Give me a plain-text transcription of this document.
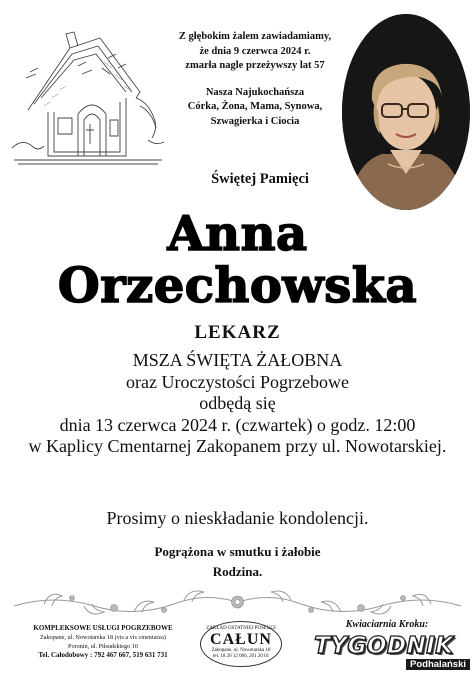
Z głębokim żalem zawiadamiamy,

że dnia 9 czerwca 2024 r.

zmarła nagle przeżywszy lat 57

Nasza Najukochańsza

Córka, Żona, Mama, Synowa,

Szwagierka i Ciocia

Świętej Pamięci
Anna
Orzechowska
LEKARZ

MSZA ŚWIĘTA ŻAŁOBNA

oraz Uroczystości Pogrzebowe

odbędą się

dnia 13 czerwca 2024 r. (czwartek) o godz. 12:00

w Kaplicy Cmentarnej Zakopanem przy ul. Nowotarskiej.

Prosimy o nieskładanie kondolencji.

Pogrążona w smutku i żałobie

Rodzina.

KOMPLEKSOWE USŁUGI POGRZEBOWE

Zakopane, ul. Nowotarska 18 (vis a vis cmentarza)

Poronin, ul. Piłsudskiego 10

Tel. Całodobowy : 792 467 667, 519 631 731

ZAKŁAD OSTATNIEJ POSŁUGI

CAŁUN

Zakopane, ul. Nowotarska 18

tel. 18 20 12 000, 201 20 01

Kwiaciarnia Kroku:
TYGODNIK
Podhalański
